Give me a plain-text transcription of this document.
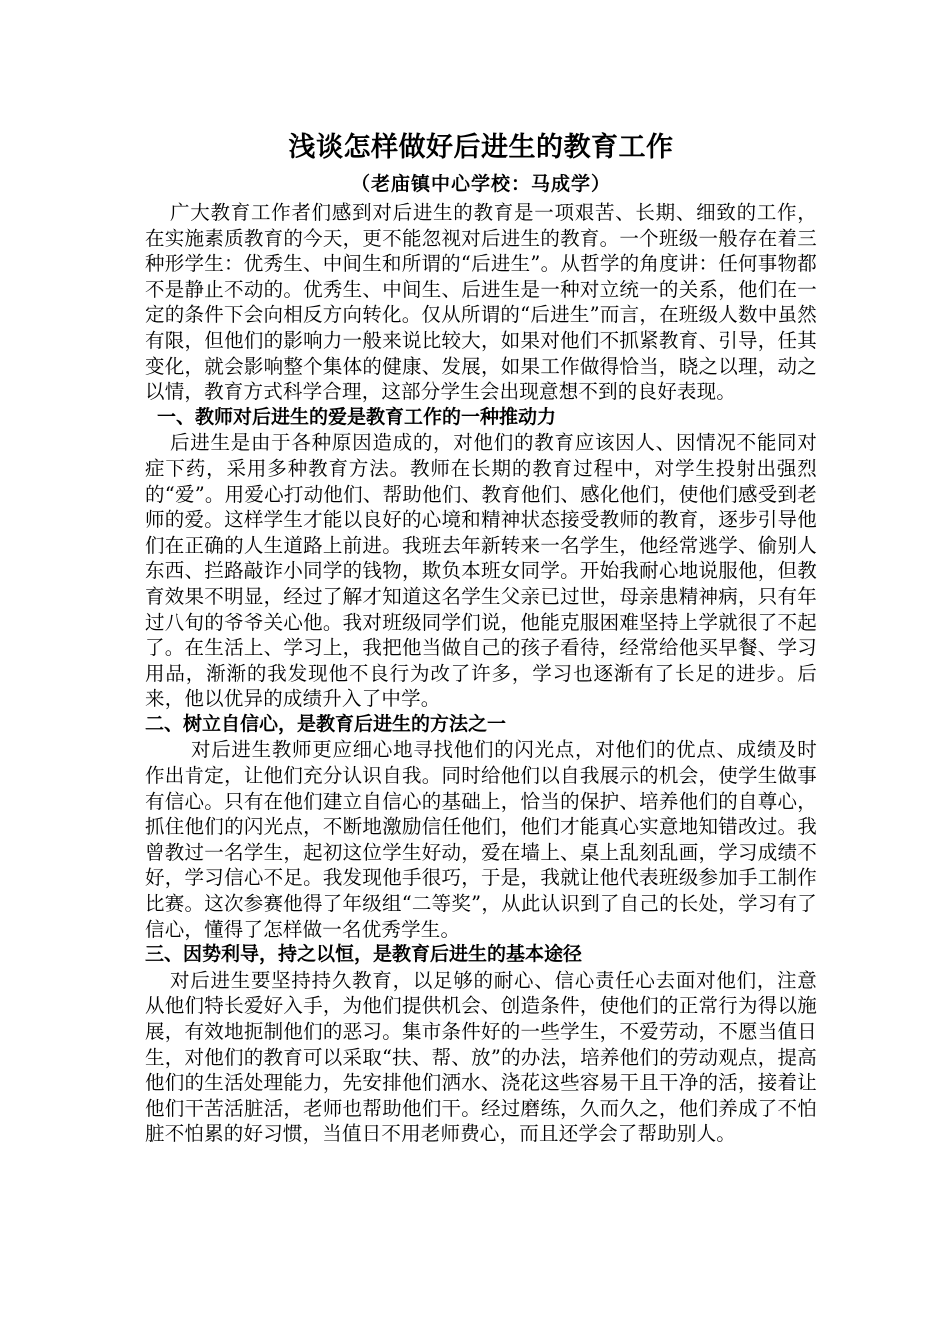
浅谈怎样做好后进生的教育工作
（老庙镇中心学校：马成学）

广大教育工作者们感到对后进生的教育是一项艰苦、长期、细致的工作，在实施素质教育的今天，更不能忽视对后进生的教育。一个班级一般存在着三种形学生：优秀生、中间生和所谓的“后进生”。从哲学的角度讲：任何事物都不是静止不动的。优秀生、中间生、后进生是一种对立统一的关系，他们在一定的条件下会向相反方向转化。仅从所谓的“后进生”而言，在班级人数中虽然有限，但他们的影响力一般来说比较大，如果对他们不抓紧教育、引导，任其变化，就会影响整个集体的健康、发展，如果工作做得恰当，晓之以理，动之以情，教育方式科学合理，这部分学生会出现意想不到的良好表现。

一、教师对后进生的爱是教育工作的一种推动力

后进生是由于各种原因造成的，对他们的教育应该因人、因情况不能同对症下药，采用多种教育方法。教师在长期的教育过程中，对学生投射出强烈的“爱”。用爱心打动他们、帮助他们、教育他们、感化他们，使他们感受到老师的爱。这样学生才能以良好的心境和精神状态接受教师的教育，逐步引导他们在正确的人生道路上前进。我班去年新转来一名学生，他经常逃学、偷别人东西、拦路敲诈小同学的钱物，欺负本班女同学。开始我耐心地说服他，但教育效果不明显，经过了解才知道这名学生父亲已过世，母亲患精神病，只有年过八旬的爷爷关心他。我对班级同学们说，他能克服困难坚持上学就很了不起了。在生活上、学习上，我把他当做自己的孩子看待，经常给他买早餐、学习用品，渐渐的我发现他不良行为改了许多，学习也逐渐有了长足的进步。后来，他以优异的成绩升入了中学。

二、树立自信心，是教育后进生的方法之一

对后进生教师更应细心地寻找他们的闪光点，对他们的优点、成绩及时作出肯定，让他们充分认识自我。同时给他们以自我展示的机会，使学生做事有信心。只有在他们建立自信心的基础上，恰当的保护、培养他们的自尊心，抓住他们的闪光点，不断地激励信任他们，他们才能真心实意地知错改过。我曾教过一名学生，起初这位学生好动，爱在墙上、桌上乱刻乱画，学习成绩不好，学习信心不足。我发现他手很巧，于是，我就让他代表班级参加手工制作比赛。这次参赛他得了年级组“二等奖”，从此认识到了自己的长处，学习有了信心，懂得了怎样做一名优秀学生。

三、因势利导，持之以恒，是教育后进生的基本途径

对后进生要坚持持久教育，以足够的耐心、信心责任心去面对他们，注意从他们特长爱好入手，为他们提供机会、创造条件，使他们的正常行为得以施展，有效地扼制他们的恶习。集市条件好的一些学生，不爱劳动，不愿当值日生，对他们的教育可以采取“扶、帮、放”的办法，培养他们的劳动观点，提高他们的生活处理能力，先安排他们洒水、浇花这些容易干且干净的活，接着让他们干苦活脏活，老师也帮助他们干。经过磨练，久而久之，他们养成了不怕脏不怕累的好习惯，当值日不用老师费心，而且还学会了帮助别人。
